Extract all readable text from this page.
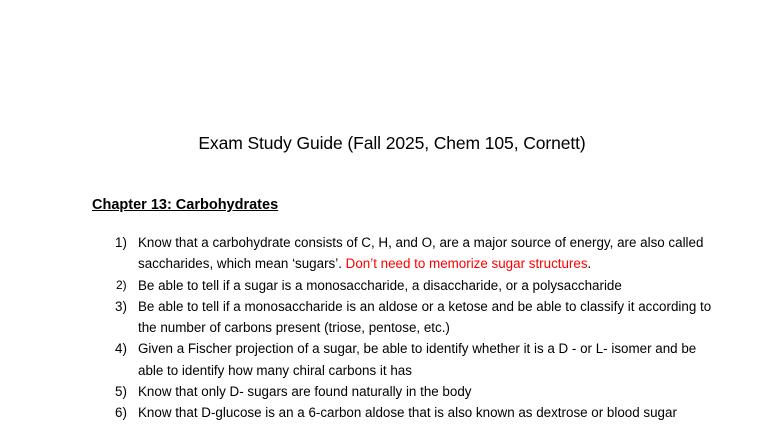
Exam Study Guide (Fall 2025, Chem 105, Cornett)
Chapter 13: Carbohydrates
1) Know that a carbohydrate consists of C, H, and O, are a major source of energy, are also called saccharides, which mean ‘sugars’. Don’t need to memorize sugar structures.
2) Be able to tell if a sugar is a monosaccharide, a disaccharide, or a polysaccharide
3) Be able to tell if a monosaccharide is an aldose or a ketose and be able to classify it according to the number of carbons present (triose, pentose, etc.)
4) Given a Fischer projection of a sugar, be able to identify whether it is a D - or L- isomer and be able to identify how many chiral carbons it has
5) Know that only D- sugars are found naturally in the body
6) Know that D-glucose is an a 6-carbon aldose that is also known as dextrose or blood sugar
